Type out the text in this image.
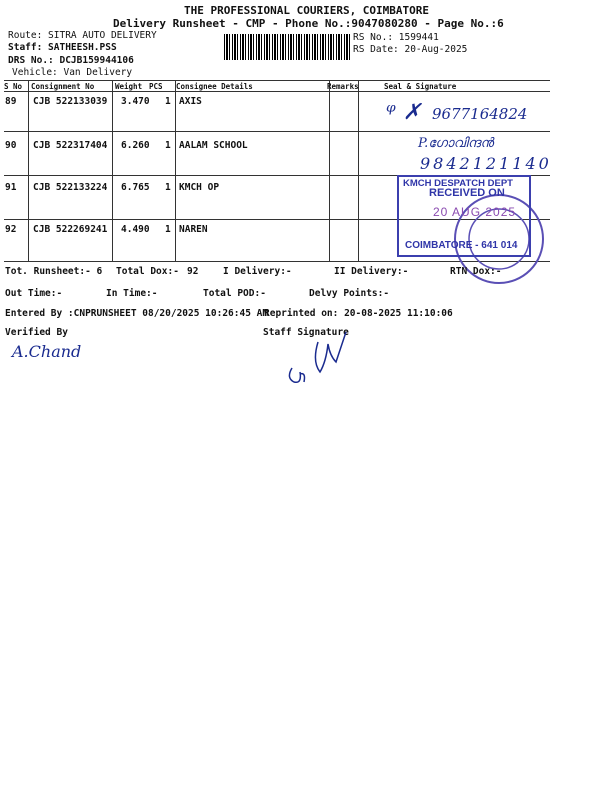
THE PROFESSIONAL COURIERS, COIMBATORE
Delivery Runsheet - CMP - Phone No.:9047080280 - Page No.:6
Route: SITRA AUTO DELIVERY
Staff: SATHEESH.PSS
DRS No.: DCJB159944106
Vehicle: Van Delivery
RS No.: 1599441
RS Date: 20-Aug-2025
S No Consignment No	Weight PCS Consignee Details	Remarks	Seal & Signature
89 CJB 522133039 3.470 1 AXIS	ᵠ ✗ 9677164824
90 CJB 522317404 6.260 1 AALAM SCHOOL	P.ഗോവിന്ദൻ
9842121140
91 CJB 522133224 6.765 1 KMCH OP
92 CJB 522269241 4.490 1 NAREN
KMCH DESPATCH DEPT
RECEIVED ON
20 AUG 2025
COIMBATORE - 641 014
Tot. Runsheet:- 6 Total Dox:- 92	I Delivery:-	II Delivery:-	RTN Dox:-
Out Time:-	In Time:-	Total POD:-	Delvy Points:-
Entered By :CNPRUNSHEET 08/20/2025 10:26:45 AM
Reprinted on: 20-08-2025 11:10:06
Verified By	Staff Signature
A.Chand
